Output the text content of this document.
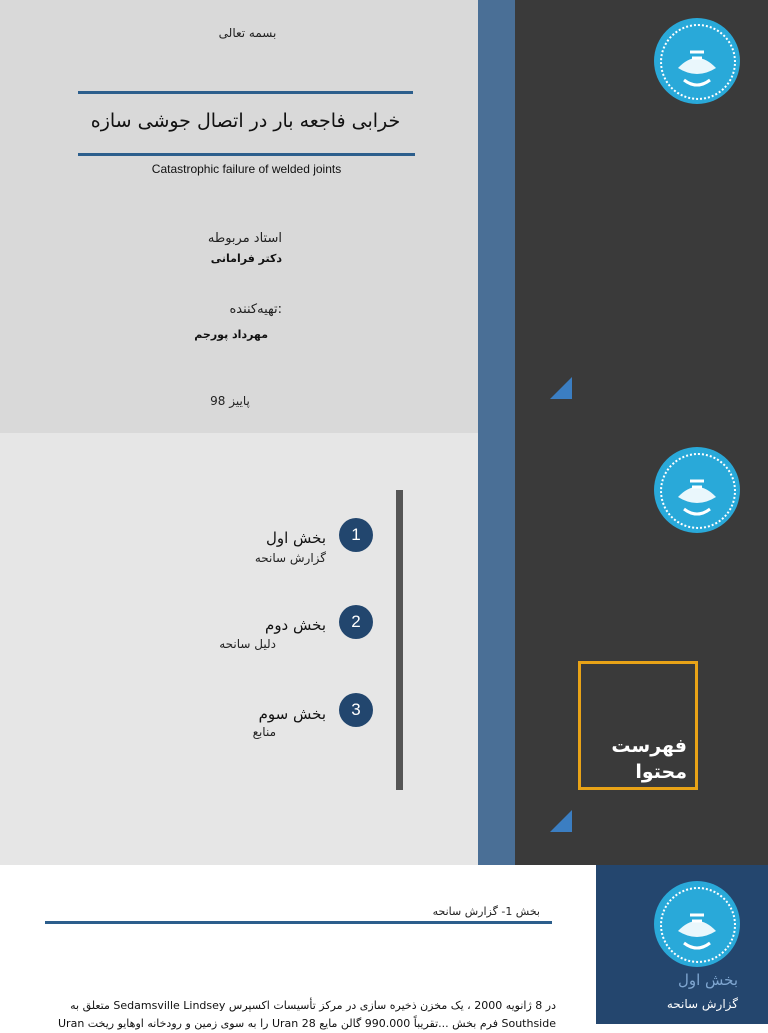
بسمه تعالی
خرابی فاجعه بار در اتصال جوشی سازه
Catastrophic failure of welded joints
استاد مربوطه
دکتر فرامانی
:تهیه‌کننده
مهرداد پورجم
پاییز 98
1
بخش اول
گزارش سانحه
2
بخش دوم
دلیل سانحه
3
بخش سوم
منابع
فهرست
محتوا
بخش 1- گزارش سانحه
در 8 ژانویه 2000 ، یک مخزن ذخیره سازی در مرکز تأسیسات اکسپرس Sedamsville Lindsey متعلق به
Southside فرم بخش ...تقریباً 990.000 گالن مایع 28 Uran را به سوی زمین و رودخانه اوهایو ریخت Uran
بخش اول
گزارش سانحه
